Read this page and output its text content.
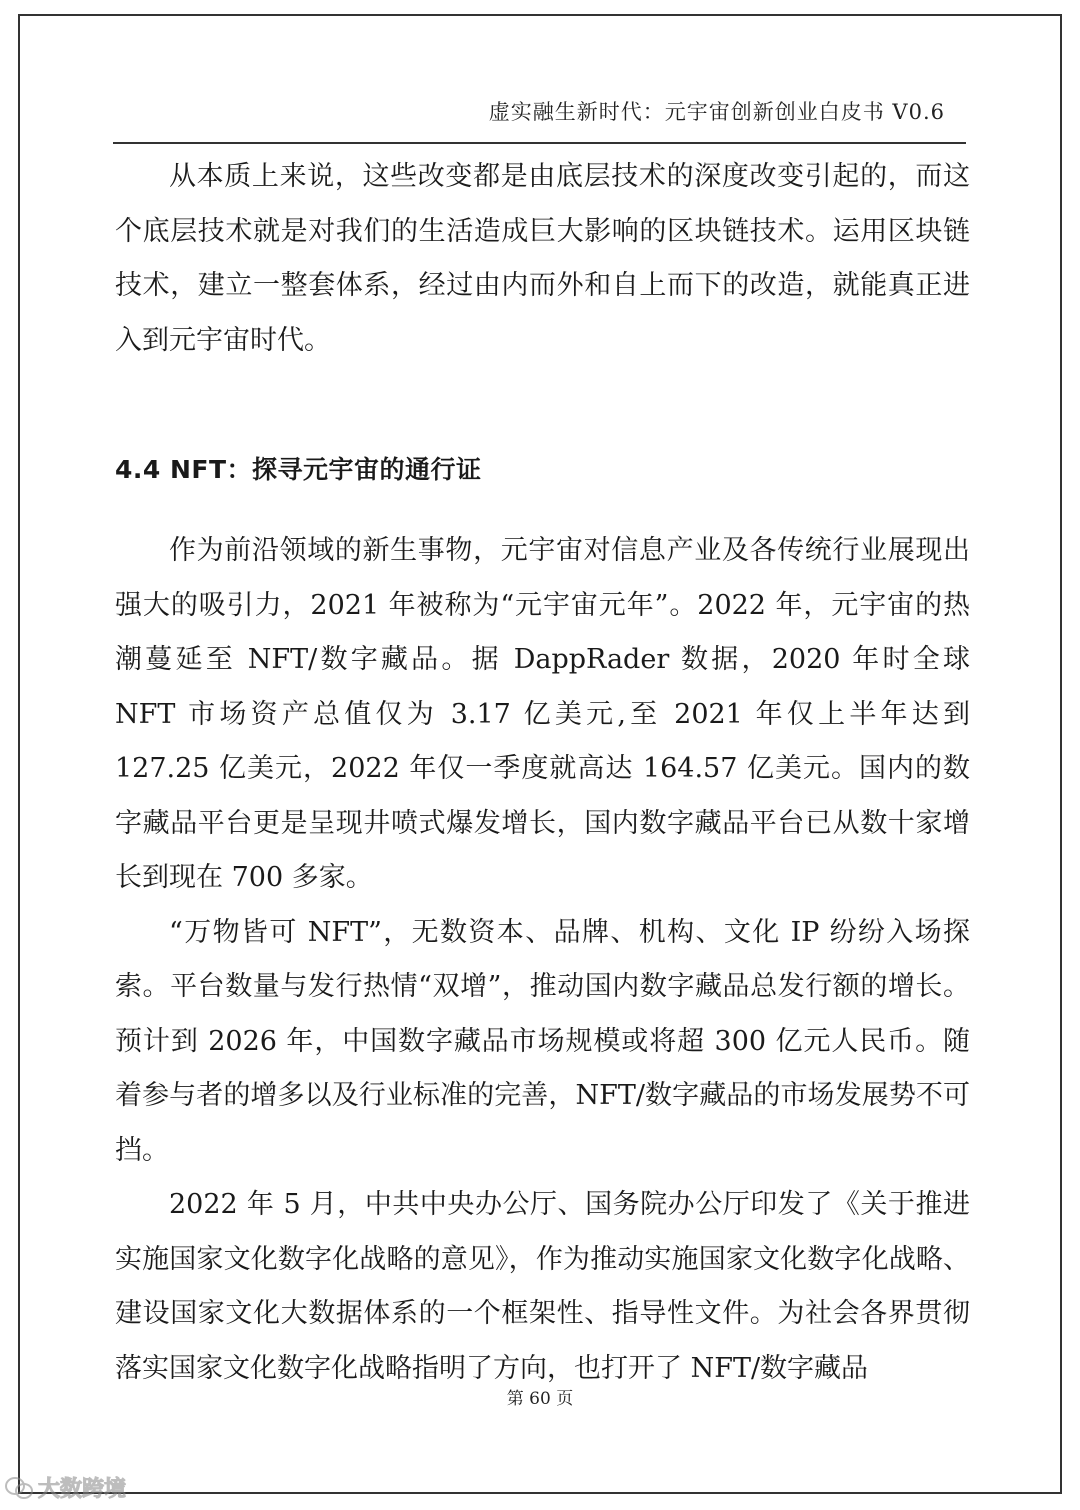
虚实融生新时代：元宇宙创新创业白皮书 V0.6

从本质上来说，这些改变都是由底层技术的深度改变引起的，而这个底层技术就是对我们的生活造成巨大影响的区块链技术。运用区块链技术，建立一整套体系，经过由内而外和自上而下的改造，就能真正进入到元宇宙时代。

4.4 NFT：探寻元宇宙的通行证

作为前沿领域的新生事物，元宇宙对信息产业及各传统行业展现出强大的吸引力，2021 年被称为“元宇宙元年”。2022 年，元宇宙的热潮蔓延至 NFT/数字藏品。据 DappRader 数据，2020 年时全球 NFT 市场资产总值仅为 3.17 亿美元,至 2021 年仅上半年达到 127.25 亿美元，2022 年仅一季度就高达 164.57 亿美元。国内的数字藏品平台更是呈现井喷式爆发增长，国内数字藏品平台已从数十家增长到现在 700 多家。

“万物皆可 NFT”，无数资本、品牌、机构、文化 IP 纷纷入场探索。平台数量与发行热情“双增”，推动国内数字藏品总发行额的增长。预计到 2026 年，中国数字藏品市场规模或将超 300 亿元人民币。随着参与者的增多以及行业标准的完善，NFT/数字藏品的市场发展势不可挡。

2022 年 5 月，中共中央办公厅、国务院办公厅印发了《关于推进实施国家文化数字化战略的意见》，作为推动实施国家文化数字化战略、建设国家文化大数据体系的一个框架性、指导性文件。为社会各界贯彻落实国家文化数字化战略指明了方向，也打开了 NFT/数字藏品

第 60 页
大数跨境
